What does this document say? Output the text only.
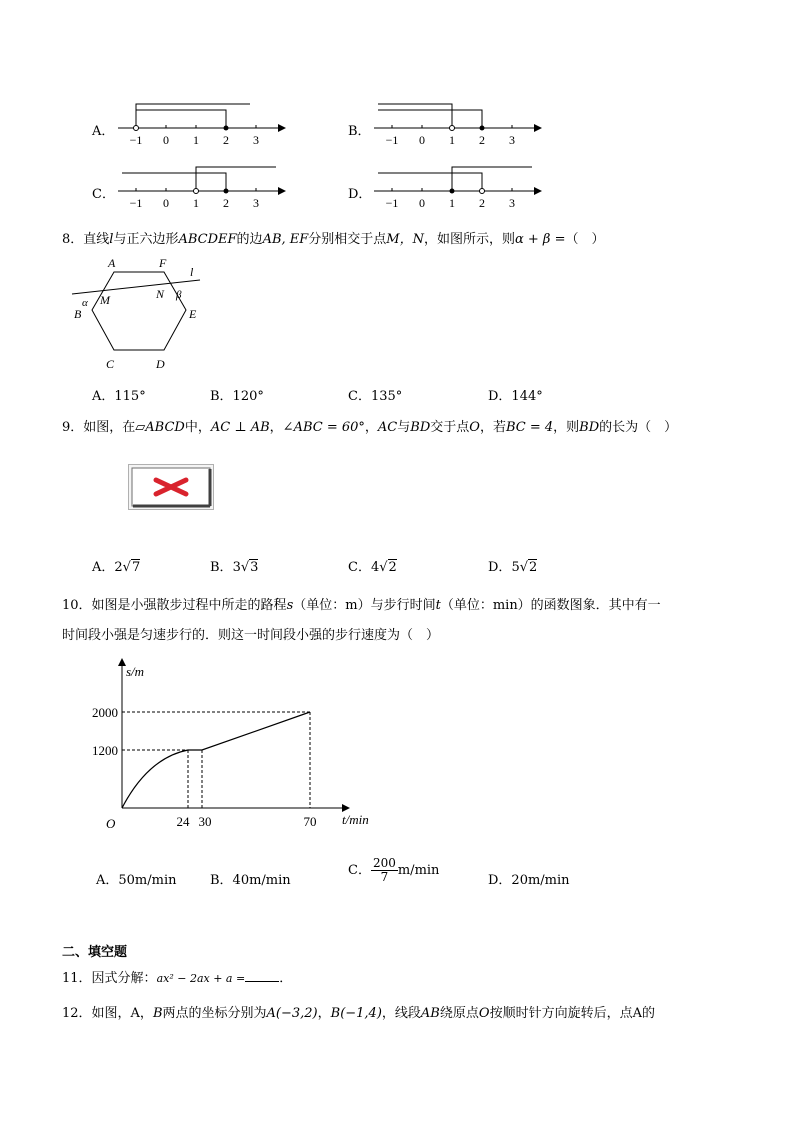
A．
−1 0 1 2 3
B．
−1 0 1 2 3
C．
−1 0 1 2 3
D．
−1 0 1 2 3
8．直线l与正六边形ABCDEF的边AB, EF分别相交于点M，N，如图所示，则α + β =（　）
A	F
l
α M	N β
B	E
C	D
A．115°	B．120°	C．135°	D．144°
9．如图，在▱ABCD中，AC ⊥ AB，∠ABC = 60°，AC与BD交于点O，若BC = 4，则BD的长为（　）
A．2√7	B．3√3	C．4√2	D．5√2
10．如图是小强散步过程中所走的路程s（单位：m）与步行时间t（单位：min）的函数图象．其中有一
时间段小强是匀速步行的．则这一时间段小强的步行速度为（　）
s/m
t/min
O
2000
1200
24 30	70
A．50m/min	B．40m/min
C． $\frac{200}{7} m/\min$
D．20m/min
二、填空题
11．因式分解：ax² − 2ax + a =	．
12．如图，A，B两点的坐标分别为A(−3,2)，B(−1,4)，线段AB绕原点O按顺时针方向旋转后，点A的
